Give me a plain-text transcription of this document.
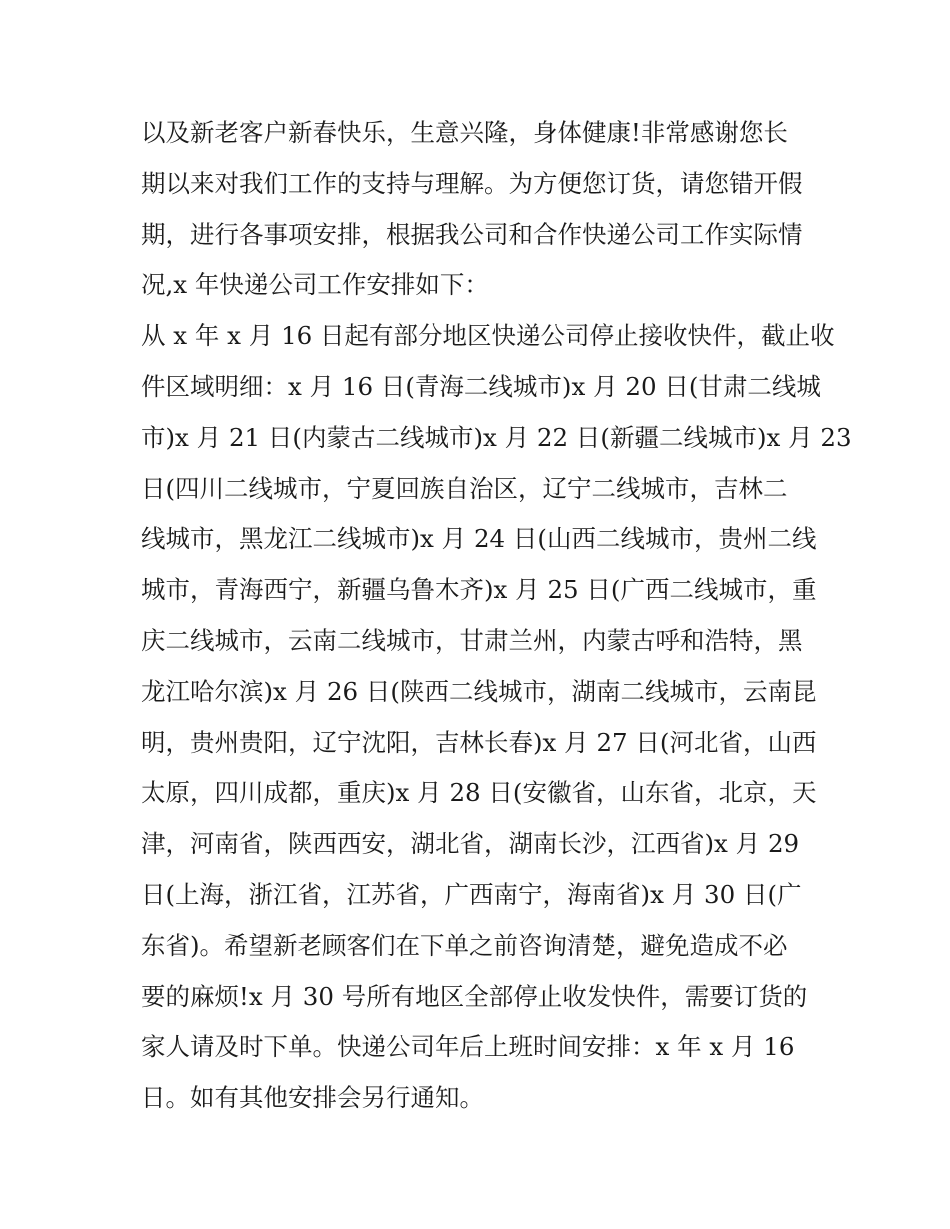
以及新老客户新春快乐，生意兴隆，身体健康!非常感谢您长
期以来对我们工作的支持与理解。为方便您订货，请您错开假
期，进行各事项安排，根据我公司和合作快递公司工作实际情
况,x 年快递公司工作安排如下：
从 x 年 x 月 16 日起有部分地区快递公司停止接收快件，截止收
件区域明细：x 月 16 日(青海二线城市)x 月 20 日(甘肃二线城
市)x 月 21 日(内蒙古二线城市)x 月 22 日(新疆二线城市)x 月 23
日(四川二线城市，宁夏回族自治区，辽宁二线城市，吉林二
线城市，黑龙江二线城市)x 月 24 日(山西二线城市，贵州二线
城市，青海西宁，新疆乌鲁木齐)x 月 25 日(广西二线城市，重
庆二线城市，云南二线城市，甘肃兰州，内蒙古呼和浩特，黑
龙江哈尔滨)x 月 26 日(陕西二线城市，湖南二线城市，云南昆
明，贵州贵阳，辽宁沈阳，吉林长春)x 月 27 日(河北省，山西
太原，四川成都，重庆)x 月 28 日(安徽省，山东省，北京，天
津，河南省，陕西西安，湖北省，湖南长沙，江西省)x 月 29
日(上海，浙江省，江苏省，广西南宁，海南省)x 月 30 日(广
东省)。希望新老顾客们在下单之前咨询清楚，避免造成不必
要的麻烦!x 月 30 号所有地区全部停止收发快件，需要订货的
家人请及时下单。快递公司年后上班时间安排：x 年 x 月 16
日。如有其他安排会另行通知。
